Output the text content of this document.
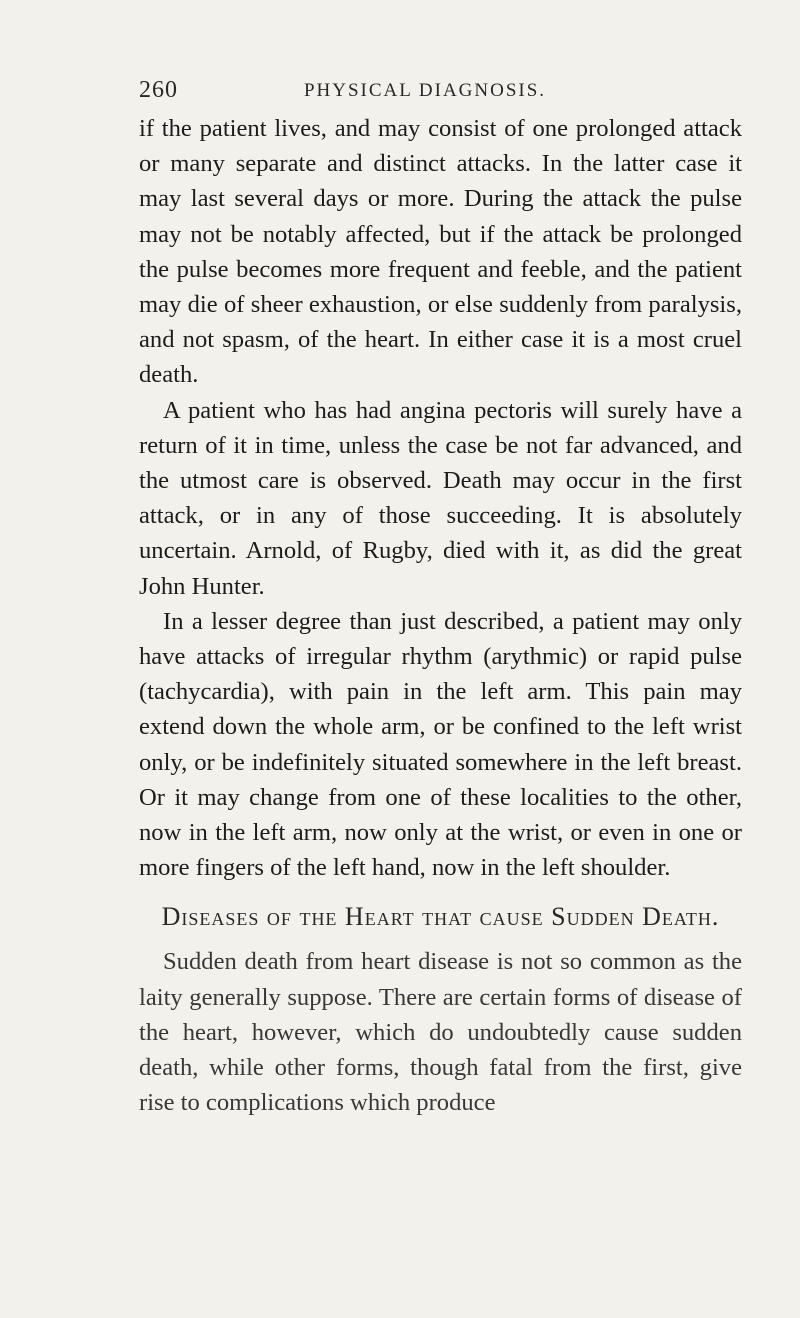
260	PHYSICAL DIAGNOSIS.

if the patient lives, and may consist of one prolonged attack or many separate and distinct attacks. In the latter case it may last several days or more. During the attack the pulse may not be notably affected, but if the attack be prolonged the pulse becomes more frequent and feeble, and the patient may die of sheer exhaustion, or else suddenly from paralysis, and not spasm, of the heart. In either case it is a most cruel death.

A patient who has had angina pectoris will surely have a return of it in time, unless the case be not far advanced, and the utmost care is observed. Death may occur in the first attack, or in any of those succeeding. It is absolutely uncertain. Arnold, of Rugby, died with it, as did the great John Hunter.

In a lesser degree than just described, a patient may only have attacks of irregular rhythm (arythmic) or rapid pulse (tachycardia), with pain in the left arm. This pain may extend down the whole arm, or be confined to the left wrist only, or be indefinitely situated somewhere in the left breast. Or it may change from one of these localities to the other, now in the left arm, now only at the wrist, or even in one or more fingers of the left hand, now in the left shoulder.

Diseases of the Heart that cause Sudden Death.

Sudden death from heart disease is not so common as the laity generally suppose. There are certain forms of disease of the heart, however, which do undoubtedly cause sudden death, while other forms, though fatal from the first, give rise to complications which produce
